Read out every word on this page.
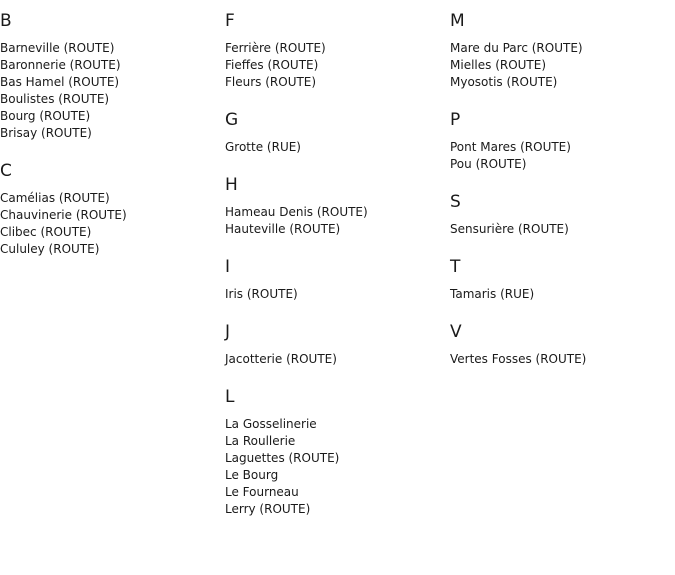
B
Barneville (ROUTE)
Baronnerie (ROUTE)
Bas Hamel (ROUTE)
Boulistes (ROUTE)
Bourg (ROUTE)
Brisay (ROUTE)
C
Camélias (ROUTE)
Chauvinerie (ROUTE)
Clibec (ROUTE)
Cululey (ROUTE)
F
Ferrière (ROUTE)
Fieffes (ROUTE)
Fleurs (ROUTE)
G
Grotte (RUE)
H
Hameau Denis (ROUTE)
Hauteville (ROUTE)
I
Iris (ROUTE)
J
Jacotterie (ROUTE)
L
La Gosselinerie
La Roullerie
Laguettes (ROUTE)
Le Bourg
Le Fourneau
Lerry (ROUTE)
M
Mare du Parc (ROUTE)
Mielles (ROUTE)
Myosotis (ROUTE)
P
Pont Mares (ROUTE)
Pou (ROUTE)
S
Sensurière (ROUTE)
T
Tamaris (RUE)
V
Vertes Fosses (ROUTE)
